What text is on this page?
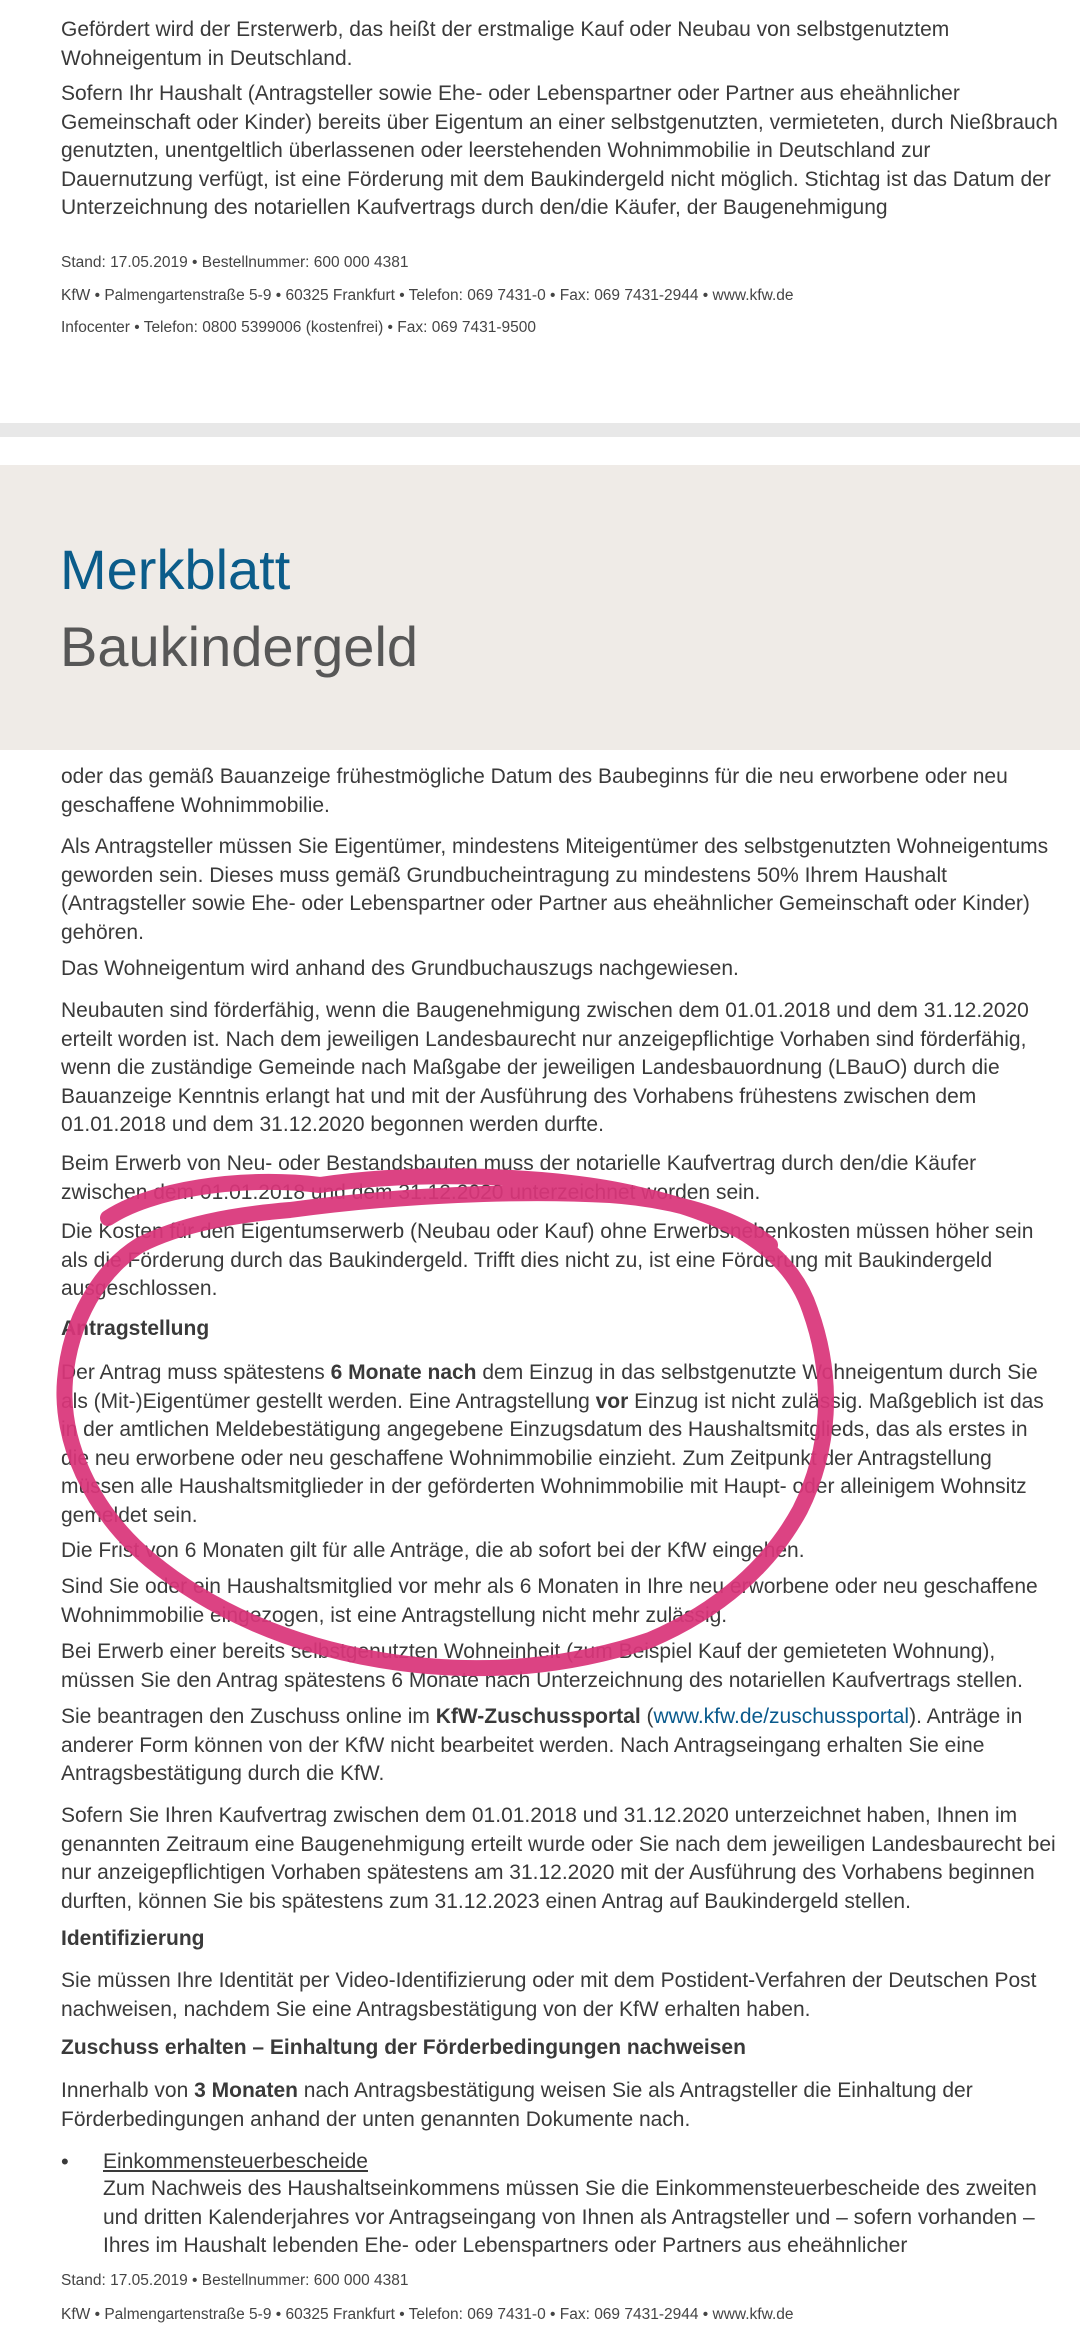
Gefördert wird der Ersterwerb, das heißt der erstmalige Kauf oder Neubau von selbstgenutztem Wohneigentum in Deutschland.

Sofern Ihr Haushalt (Antragsteller sowie Ehe- oder Lebenspartner oder Partner aus eheähnlicher Gemeinschaft oder Kinder) bereits über Eigentum an einer selbstgenutzten, vermieteten, durch Nießbrauch genutzten, unentgeltlich überlassenen oder leerstehenden Wohnimmobilie in Deutschland zur Dauernutzung verfügt, ist eine Förderung mit dem Baukindergeld nicht möglich. Stichtag ist das Datum der Unterzeichnung des notariellen Kaufvertrags durch den/die Käufer, der Baugenehmigung

Stand: 17.05.2019 • Bestellnummer: 600 000 4381
KfW • Palmengartenstraße 5-9 • 60325 Frankfurt • Telefon: 069 7431-0 • Fax: 069 7431-2944 • www.kfw.de
Infocenter • Telefon: 0800 5399006 (kostenfrei) • Fax: 069 7431-9500
Merkblatt
Baukindergeld

oder das gemäß Bauanzeige frühestmögliche Datum des Baubeginns für die neu erworbene oder neu geschaffene Wohnimmobilie.

Als Antragsteller müssen Sie Eigentümer, mindestens Miteigentümer des selbstgenutzten Wohneigentums geworden sein. Dieses muss gemäß Grundbucheintragung zu mindestens 50% Ihrem Haushalt (Antragsteller sowie Ehe- oder Lebenspartner oder Partner aus eheähnlicher Gemeinschaft oder Kinder) gehören.

Das Wohneigentum wird anhand des Grundbuchauszugs nachgewiesen.

Neubauten sind förderfähig, wenn die Baugenehmigung zwischen dem 01.01.2018 und dem 31.12.2020 erteilt worden ist. Nach dem jeweiligen Landesbaurecht nur anzeigepflichtige Vorhaben sind förderfähig, wenn die zuständige Gemeinde nach Maßgabe der jeweiligen Landesbauordnung (LBauO) durch die Bauanzeige Kenntnis erlangt hat und mit der Ausführung des Vorhabens frühestens zwischen dem 01.01.2018 und dem 31.12.2020 begonnen werden durfte.

Beim Erwerb von Neu- oder Bestandsbauten muss der notarielle Kaufvertrag durch den/die Käufer zwischen dem 01.01.2018 und dem 31.12.2020 unterzeichnet worden sein.

Die Kosten für den Eigentumserwerb (Neubau oder Kauf) ohne Erwerbsnebenkosten müssen höher sein als die Förderung durch das Baukindergeld. Trifft dies nicht zu, ist eine Förderung mit Baukindergeld ausgeschlossen.

Antragstellung

Der Antrag muss spätestens 6 Monate nach dem Einzug in das selbstgenutzte Wohneigentum durch Sie als (Mit-)Eigentümer gestellt werden. Eine Antragstellung vor Einzug ist nicht zulässig. Maßgeblich ist das in der amtlichen Meldebestätigung angegebene Einzugsdatum des Haushaltsmitglieds, das als erstes in die neu erworbene oder neu geschaffene Wohnimmobilie einzieht. Zum Zeitpunkt der Antragstellung müssen alle Haushaltsmitglieder in der geförderten Wohnimmobilie mit Haupt- oder alleinigem Wohnsitz gemeldet sein.

Die Frist von 6 Monaten gilt für alle Anträge, die ab sofort bei der KfW eingehen.

Sind Sie oder ein Haushaltsmitglied vor mehr als 6 Monaten in Ihre neu erworbene oder neu geschaffene Wohnimmobilie eingezogen, ist eine Antragstellung nicht mehr zulässig.

Bei Erwerb einer bereits selbstgenutzten Wohneinheit (zum Beispiel Kauf der gemieteten Wohnung), müssen Sie den Antrag spätestens 6 Monate nach Unterzeichnung des notariellen Kaufvertrags stellen.

Sie beantragen den Zuschuss online im KfW-Zuschussportal (www.kfw.de/zuschussportal). Anträge in anderer Form können von der KfW nicht bearbeitet werden. Nach Antragseingang erhalten Sie eine Antragsbestätigung durch die KfW.

Sofern Sie Ihren Kaufvertrag zwischen dem 01.01.2018 und 31.12.2020 unterzeichnet haben, Ihnen im genannten Zeitraum eine Baugenehmigung erteilt wurde oder Sie nach dem jeweiligen Landesbaurecht bei nur anzeigepflichtigen Vorhaben spätestens am 31.12.2020 mit der Ausführung des Vorhabens beginnen durften, können Sie bis spätestens zum 31.12.2023 einen Antrag auf Baukindergeld stellen.

Identifizierung

Sie müssen Ihre Identität per Video-Identifizierung oder mit dem Postident-Verfahren der Deutschen Post nachweisen, nachdem Sie eine Antragsbestätigung von der KfW erhalten haben.

Zuschuss erhalten – Einhaltung der Förderbedingungen nachweisen

Innerhalb von 3 Monaten nach Antragsbestätigung weisen Sie als Antragsteller die Einhaltung der Förderbedingungen anhand der unten genannten Dokumente nach.

• Einkommensteuerbescheide

Zum Nachweis des Haushaltseinkommens müssen Sie die Einkommensteuerbescheide des zweiten und dritten Kalenderjahres vor Antragseingang von Ihnen als Antragsteller und – sofern vorhanden – Ihres im Haushalt lebenden Ehe- oder Lebenspartners oder Partners aus eheähnlicher

Stand: 17.05.2019 • Bestellnummer: 600 000 4381
KfW • Palmengartenstraße 5-9 • 60325 Frankfurt • Telefon: 069 7431-0 • Fax: 069 7431-2944 • www.kfw.de
